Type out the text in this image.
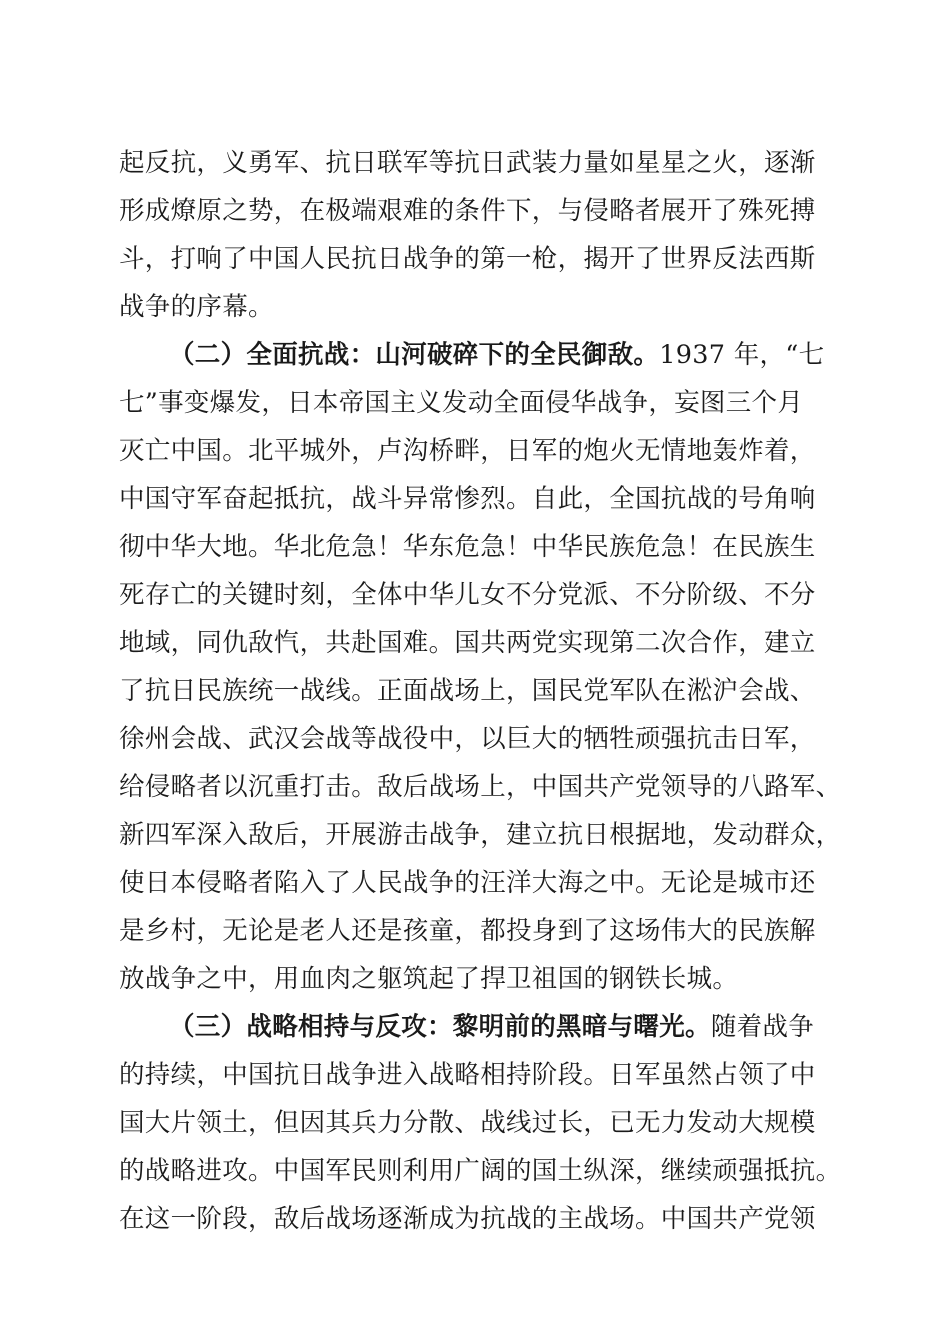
起反抗，义勇军、抗日联军等抗日武装力量如星星之火，逐渐
形成燎原之势，在极端艰难的条件下，与侵略者展开了殊死搏
斗，打响了中国人民抗日战争的第一枪，揭开了世界反法西斯
战争的序幕。
（二）全面抗战：山河破碎下的全民御敌。1937 年，“七
七”事变爆发，日本帝国主义发动全面侵华战争，妄图三个月
灭亡中国。北平城外，卢沟桥畔，日军的炮火无情地轰炸着，
中国守军奋起抵抗，战斗异常惨烈。自此，全国抗战的号角响
彻中华大地。华北危急！华东危急！中华民族危急！在民族生
死存亡的关键时刻，全体中华儿女不分党派、不分阶级、不分
地域，同仇敌忾，共赴国难。国共两党实现第二次合作，建立
了抗日民族统一战线。正面战场上，国民党军队在淞沪会战、
徐州会战、武汉会战等战役中，以巨大的牺牲顽强抗击日军，
给侵略者以沉重打击。敌后战场上，中国共产党领导的八路军、
新四军深入敌后，开展游击战争，建立抗日根据地，发动群众，
使日本侵略者陷入了人民战争的汪洋大海之中。无论是城市还
是乡村，无论是老人还是孩童，都投身到了这场伟大的民族解
放战争之中，用血肉之躯筑起了捍卫祖国的钢铁长城。
（三）战略相持与反攻：黎明前的黑暗与曙光。随着战争
的持续，中国抗日战争进入战略相持阶段。日军虽然占领了中
国大片领土，但因其兵力分散、战线过长，已无力发动大规模
的战略进攻。中国军民则利用广阔的国土纵深，继续顽强抵抗。
在这一阶段，敌后战场逐渐成为抗战的主战场。中国共产党领
